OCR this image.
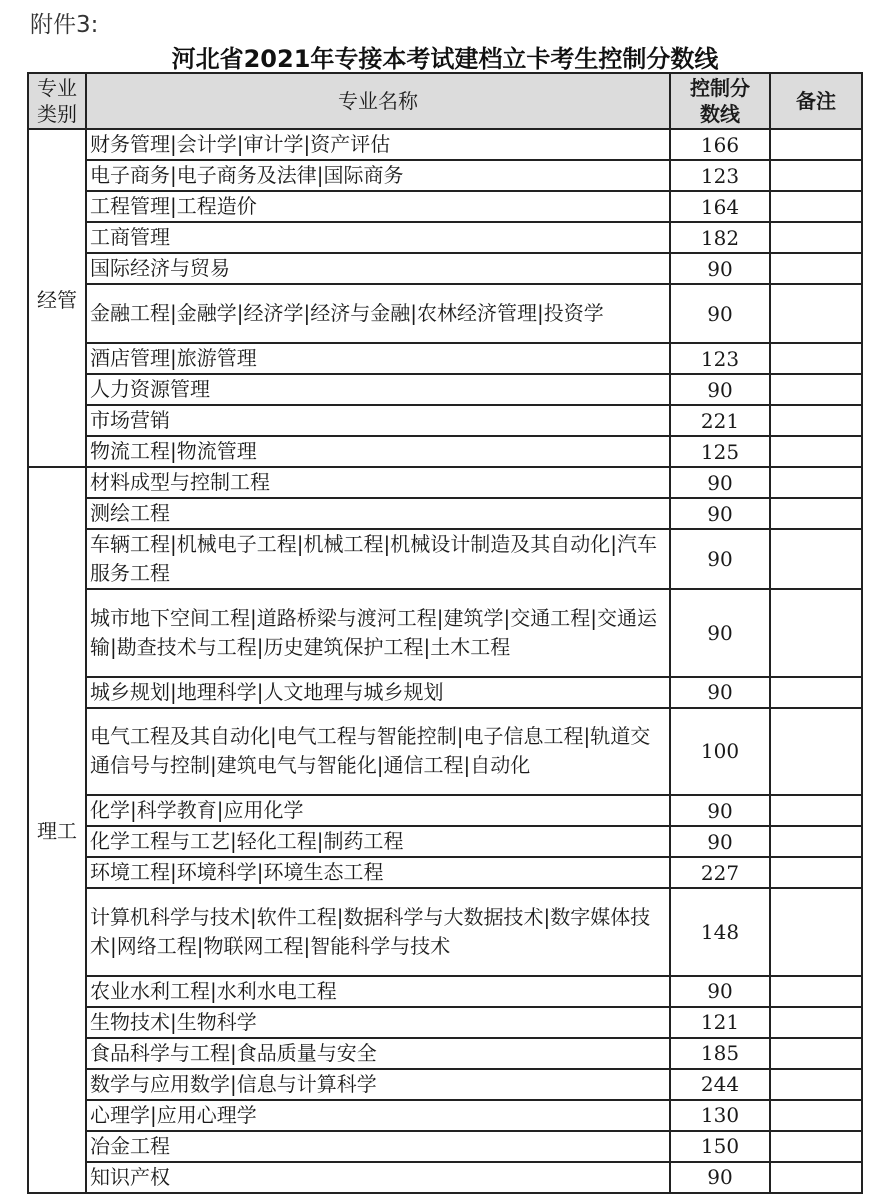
附件3:
河北省2021年专接本考试建档立卡考生控制分数线
专业类别	专业名称	控制分数线	备注
经管	财务管理|会计学|审计学|资产评估	166	
	电子商务|电子商务及法律|国际商务	123	
	工程管理|工程造价	164	
	工商管理	182	
	国际经济与贸易	90	
	金融工程|金融学|经济学|经济与金融|农林经济管理|投资学	90	
	酒店管理|旅游管理	123	
	人力资源管理	90	
	市场营销	221	
	物流工程|物流管理	125	
理工	材料成型与控制工程	90	
	测绘工程	90	
	车辆工程|机械电子工程|机械工程|机械设计制造及其自动化|汽车服务工程	90	
	城市地下空间工程|道路桥梁与渡河工程|建筑学|交通工程|交通运输|勘查技术与工程|历史建筑保护工程|土木工程	90	
	城乡规划|地理科学|人文地理与城乡规划	90	
	电气工程及其自动化|电气工程与智能控制|电子信息工程|轨道交通信号与控制|建筑电气与智能化|通信工程|自动化	100	
	化学|科学教育|应用化学	90	
	化学工程与工艺|轻化工程|制药工程	90	
	环境工程|环境科学|环境生态工程	227	
	计算机科学与技术|软件工程|数据科学与大数据技术|数字媒体技术|网络工程|物联网工程|智能科学与技术	148	
	农业水利工程|水利水电工程	90	
	生物技术|生物科学	121	
	食品科学与工程|食品质量与安全	185	
	数学与应用数学|信息与计算科学	244	
	心理学|应用心理学	130	
	冶金工程	150	
	知识产权	90	
